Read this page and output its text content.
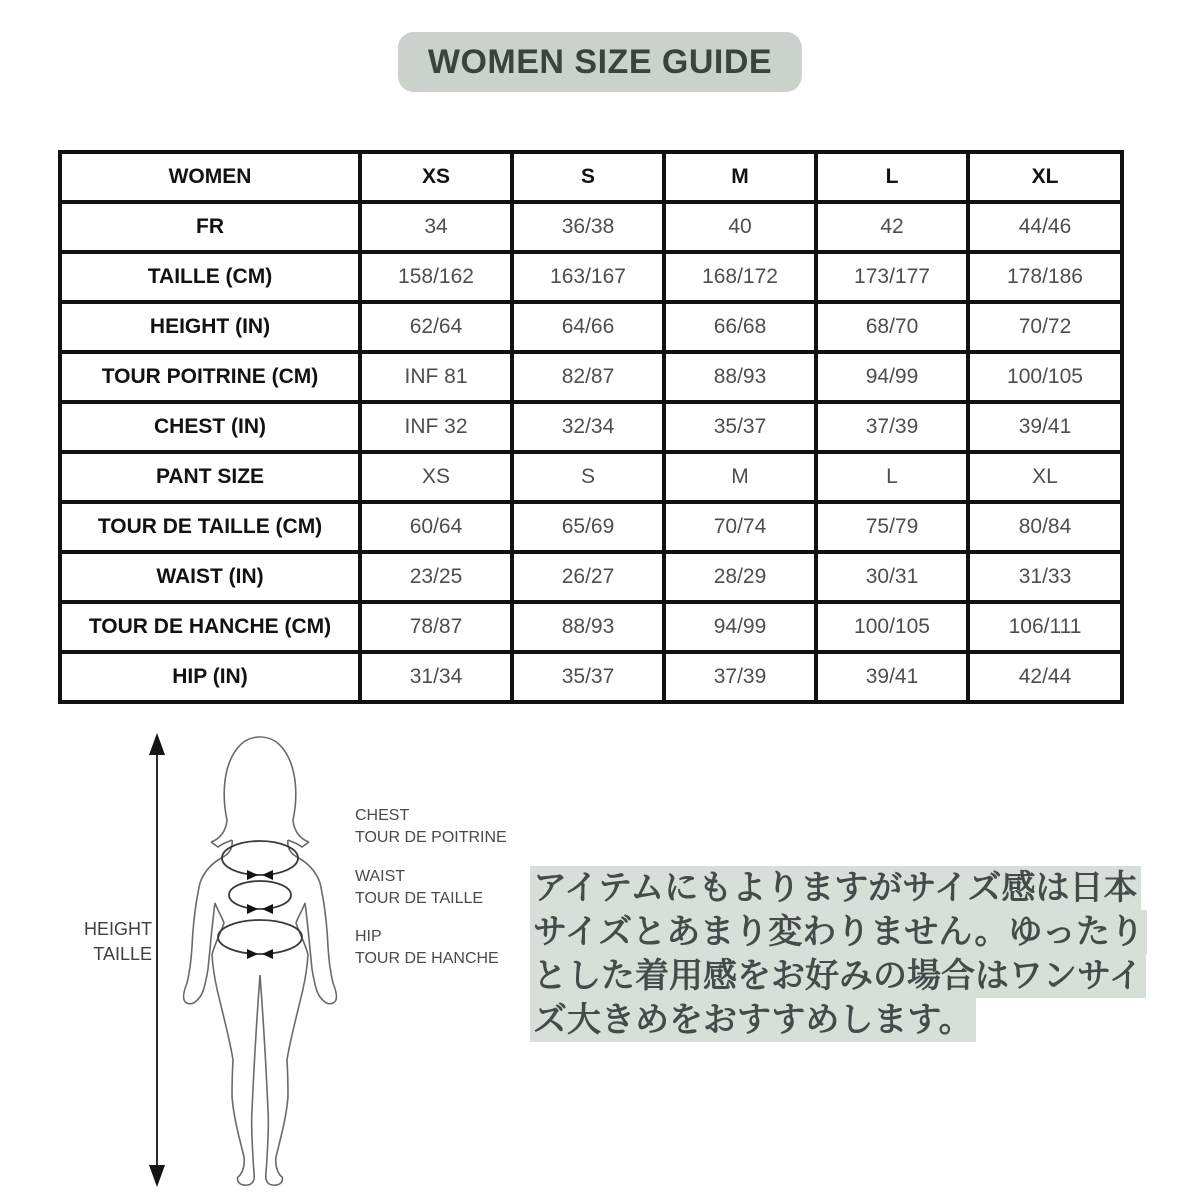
WOMEN SIZE GUIDE
WOMEN	XS	S	M	L	XL
FR	34	36/38	40	42	44/46
TAILLE (CM)	158/162	163/167	168/172	173/177	178/186
HEIGHT (IN)	62/64	64/66	66/68	68/70	70/72
TOUR POITRINE (CM)	INF 81	82/87	88/93	94/99	100/105
CHEST (IN)	INF 32	32/34	35/37	37/39	39/41
PANT SIZE	XS	S	M	L	XL
TOUR DE TAILLE (CM)	60/64	65/69	70/74	75/79	80/84
WAIST (IN)	23/25	26/27	28/29	30/31	31/33
TOUR DE HANCHE (CM)	78/87	88/93	94/99	100/105	106/111
HIP (IN)	31/34	35/37	37/39	39/41	42/44
HEIGHT
TAILLE
CHEST
TOUR DE POITRINE
WAIST
TOUR DE TAILLE
HIP
TOUR DE HANCHE
アイテムにもよりますがサイズ感は日本
サイズとあまり変わりません。ゆったり
とした着用感をお好みの場合はワンサイ
ズ大きめをおすすめします。
